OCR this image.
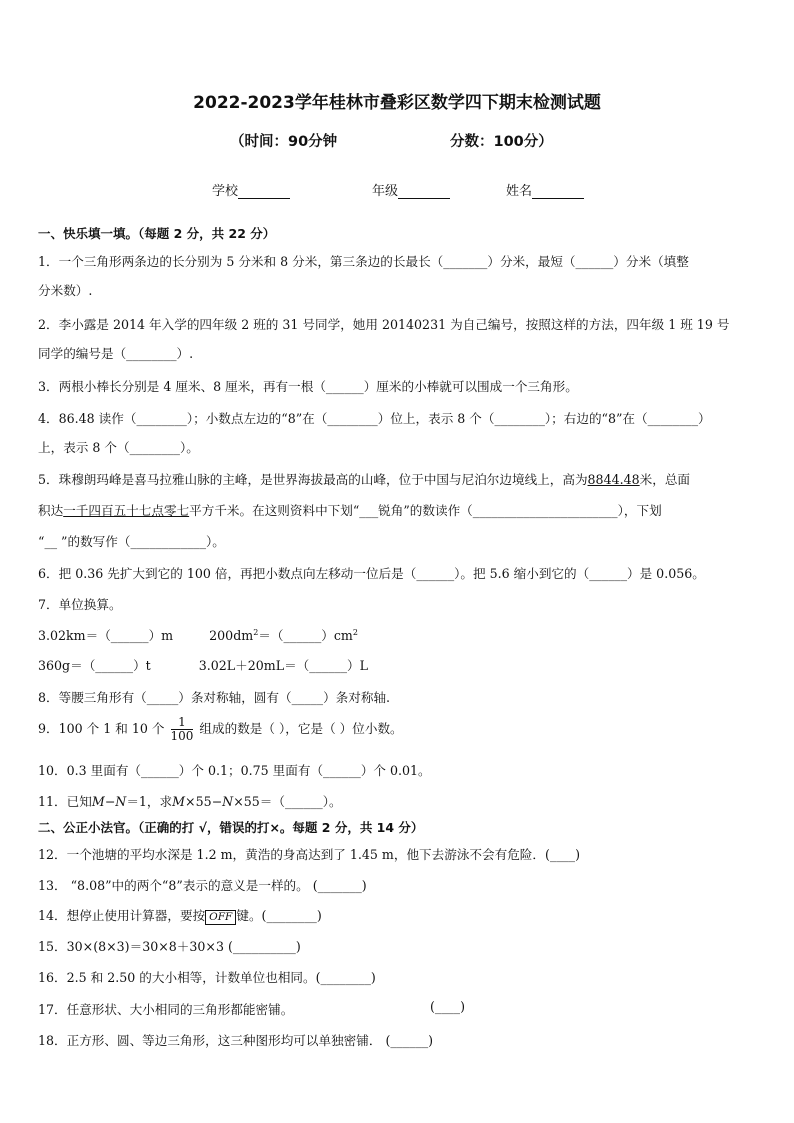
2022-2023学年桂林市叠彩区数学四下期末检测试题
（时间：90分钟	分数：100分）
学校	年级	姓名
一、快乐填一填。（每题 2 分，共 22 分）
1．一个三角形两条边的长分别为 5 分米和 8 分米，第三条边的长最长（_______）分米，最短（______）分米（填整
分米数）.
2．李小露是 2014 年入学的四年级 2 班的 31 号同学，她用 20140231 为自己编号，按照这样的方法，四年级 1 班 19 号
同学的编号是（________）.
3．两根小棒长分别是 4 厘米、8 厘米，再有一根（______）厘米的小棒就可以围成一个三角形。
4．86.48 读作（________）；小数点左边的“8”在（________）位上，表示 8 个（________）；右边的“8”在（________）
上，表示 8 个（________）。
5．珠穆朗玛峰是喜马拉雅山脉的主峰，是世界海拔最高的山峰，位于中国与尼泊尔边境线上，高为8844.48米，总面
积达一千四百五十七点零七平方千米。在这则资料中下划“___锐角”的数读作（_______________________），下划
“__ ”的数写作（____________）。
6．把 0.36 先扩大到它的 100 倍，再把小数点向左移动一位后是（______）。把 5.6 缩小到它的（______）是 0.056。
7．单位换算。
3.02km＝（______）m	$200dm^2=(\_\_\_\_\_\_)cm^2$
360g＝（______）t	3.02L＋20mL＝（______）L
8．等腰三角形有（_____）条对称轴，圆有（_____）条对称轴.
9．100 个 1 和 10 个 $\frac{1}{100}$ 组成的数是（ ），它是（ ）位小数。
10．0.3 里面有（______）个 0.1；0.75 里面有（______）个 0.01。
11．已知M−N＝1，求M×55−N×55＝（______）。
二、公正小法官。（正确的打 √，错误的打×。每题 2 分，共 14 分）
12．一个池塘的平均水深是 1.2 m，黄浩的身高达到了 1.45 m，他下去游泳不会有危险．(____)
13． “8.08”中的两个“8”表示的意义是一样的。 (_______)
14．想停止使用计算器，要按 OFF 键。(________)
15．30×(8×3)＝30×8＋30×3 (__________)
16．2.5 和 2.50 的大小相等，计数单位也相同。(________)
17．任意形状、大小相同的三角形都能密铺。	(____)
18．正方形、圆、等边三角形，这三种图形均可以单独密铺． (______)
